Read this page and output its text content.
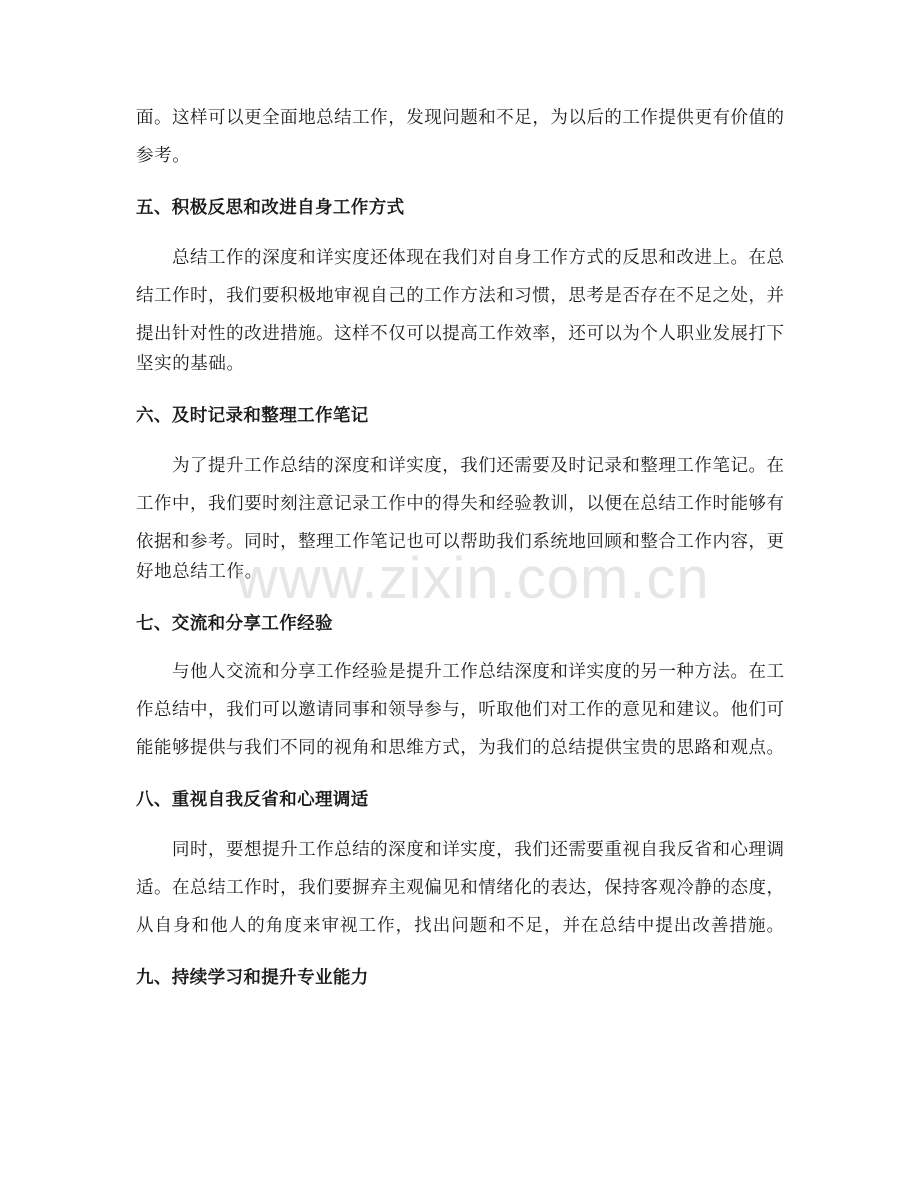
面。这样可以更全面地总结工作，发现问题和不足，为以后的工作提供更有价值的
参考。
五、积极反思和改进自身工作方式
总结工作的深度和详实度还体现在我们对自身工作方式的反思和改进上。在总
结工作时，我们要积极地审视自己的工作方法和习惯，思考是否存在不足之处，并
提出针对性的改进措施。这样不仅可以提高工作效率，还可以为个人职业发展打下
坚实的基础。
六、及时记录和整理工作笔记
为了提升工作总结的深度和详实度，我们还需要及时记录和整理工作笔记。在
工作中，我们要时刻注意记录工作中的得失和经验教训，以便在总结工作时能够有
依据和参考。同时，整理工作笔记也可以帮助我们系统地回顾和整合工作内容，更
好地总结工作。
七、交流和分享工作经验
与他人交流和分享工作经验是提升工作总结深度和详实度的另一种方法。在工
作总结中，我们可以邀请同事和领导参与，听取他们对工作的意见和建议。他们可
能能够提供与我们不同的视角和思维方式，为我们的总结提供宝贵的思路和观点。
八、重视自我反省和心理调适
同时，要想提升工作总结的深度和详实度，我们还需要重视自我反省和心理调
适。在总结工作时，我们要摒弃主观偏见和情绪化的表达，保持客观冷静的态度，
从自身和他人的角度来审视工作，找出问题和不足，并在总结中提出改善措施。
九、持续学习和提升专业能力
www.zixin.com.cn
